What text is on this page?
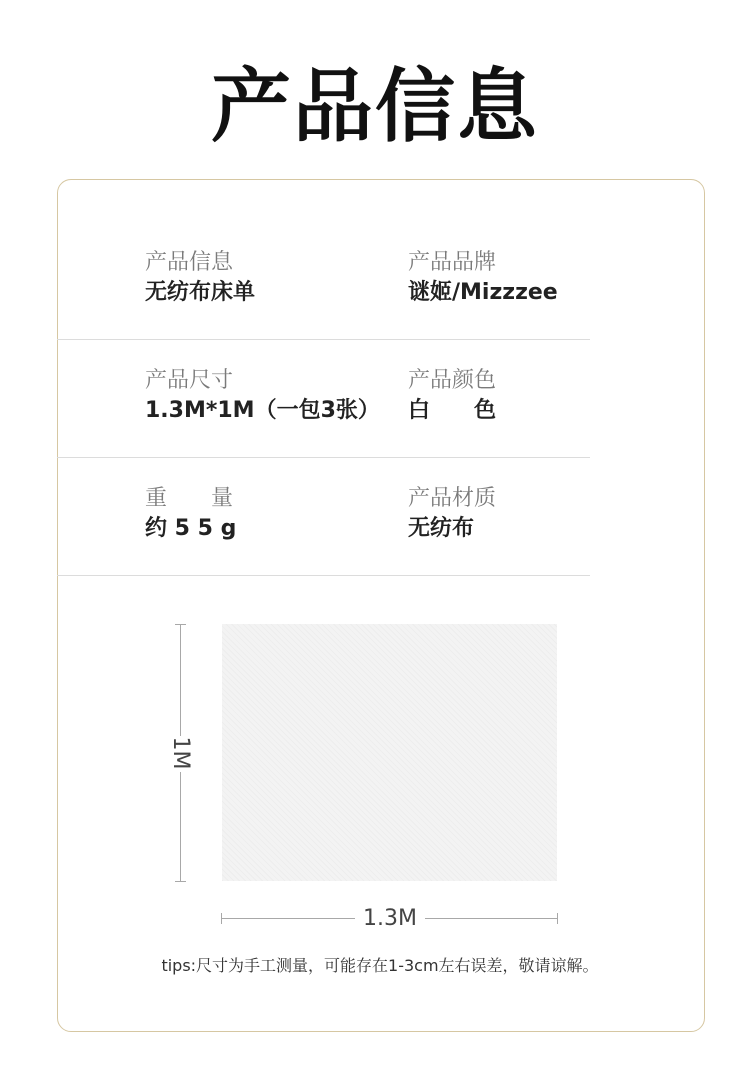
产品信息
产品信息
无纺布床单
产品品牌
谜姬/Mizzzee
产品尺寸
1.3M*1M（一包3张）
产品颜色
白　　色
重　　量
约 5 5 g
产品材质
无纺布
1M
1.3M
tips:尺寸为手工测量，可能存在1-3cm左右误差，敬请谅解。
